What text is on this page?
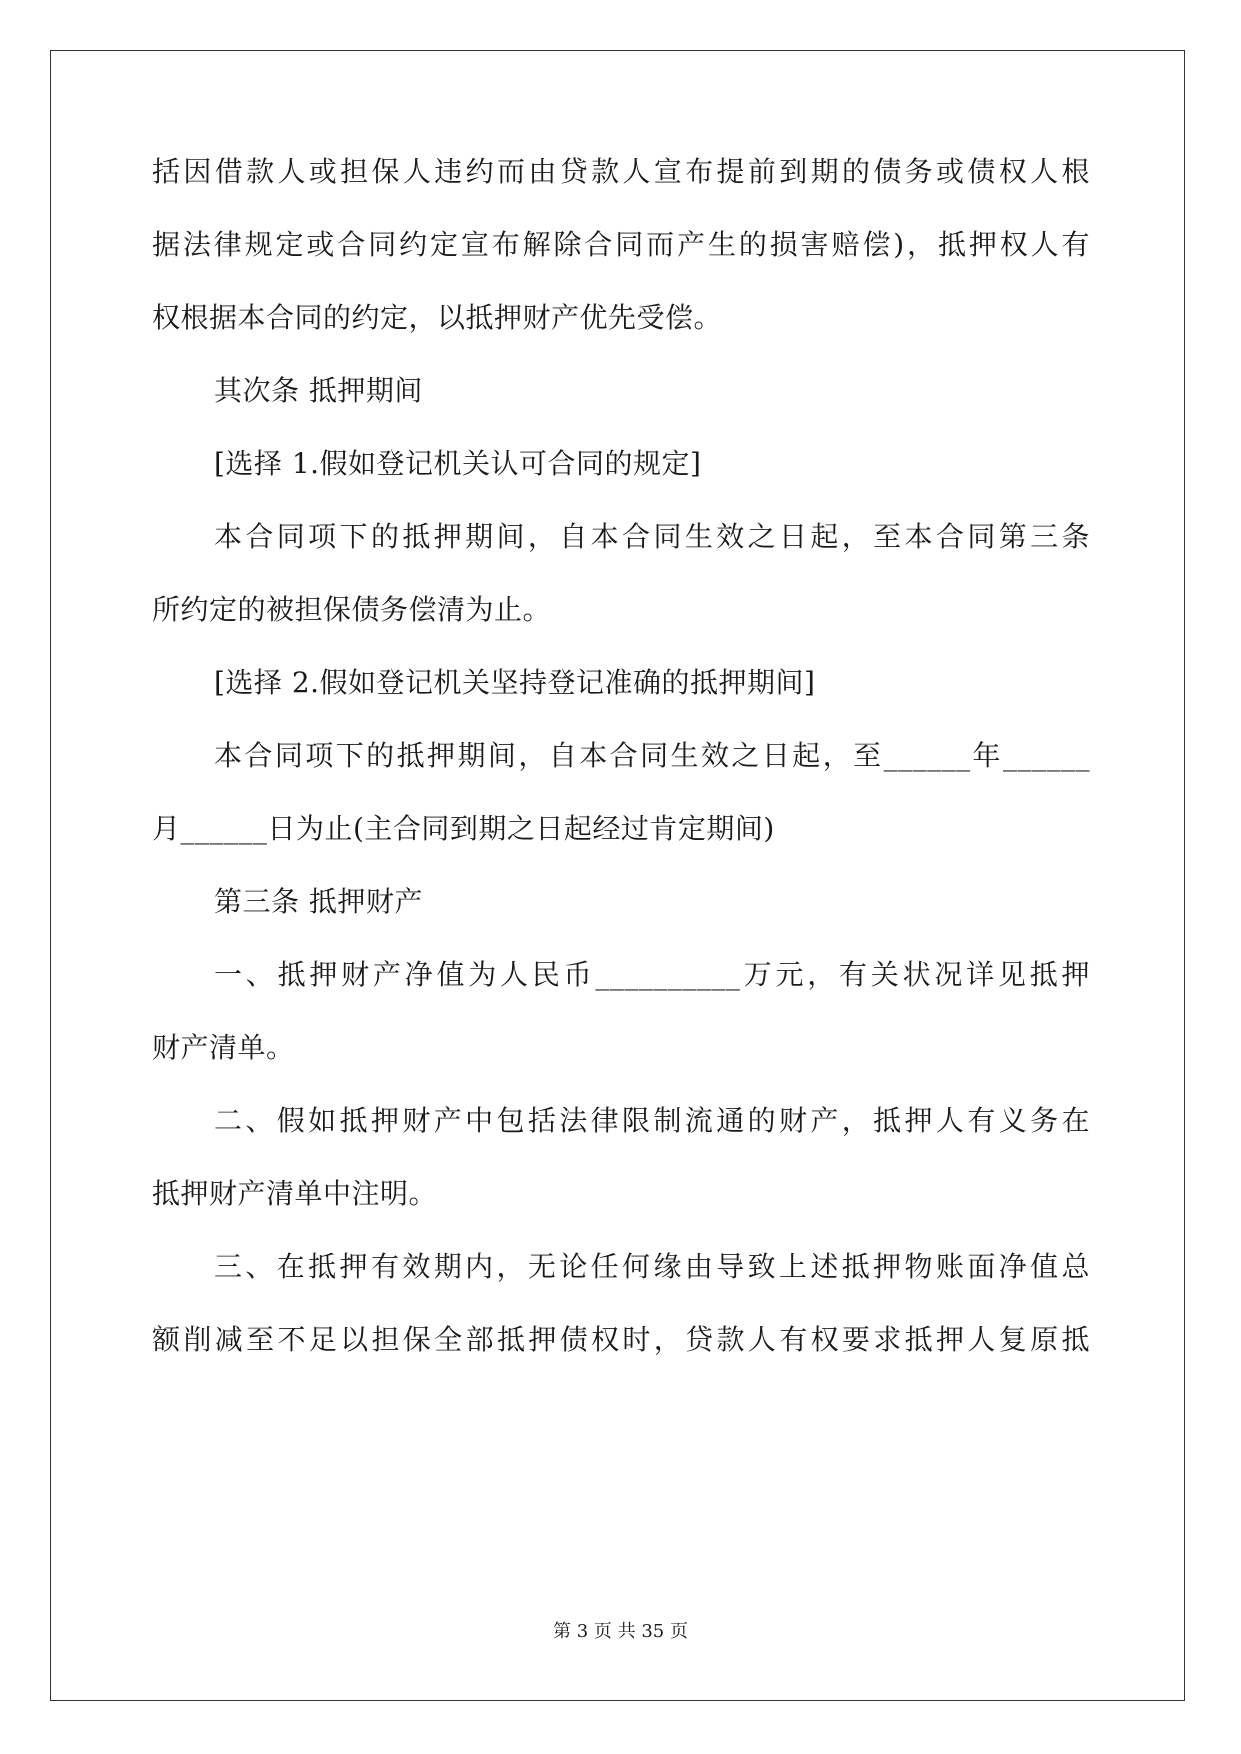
括因借款人或担保人违约而由贷款人宣布提前到期的债务或债权人根
据法律规定或合同约定宣布解除合同而产生的损害赔偿)，抵押权人有
权根据本合同的约定，以抵押财产优先受偿。
其次条 抵押期间
[选择 1.假如登记机关认可合同的规定]
本合同项下的抵押期间，自本合同生效之日起，至本合同第三条
所约定的被担保债务偿清为止。
[选择 2.假如登记机关坚持登记准确的抵押期间]
本合同项下的抵押期间，自本合同生效之日起，至______年______
月______日为止(主合同到期之日起经过肯定期间)
第三条 抵押财产
一、抵押财产净值为人民币__________万元，有关状况详见抵押
财产清单。
二、假如抵押财产中包括法律限制流通的财产，抵押人有义务在
抵押财产清单中注明。
三、在抵押有效期内，无论任何缘由导致上述抵押物账面净值总
额削减至不足以担保全部抵押债权时，贷款人有权要求抵押人复原抵
第 3 页 共 35 页
